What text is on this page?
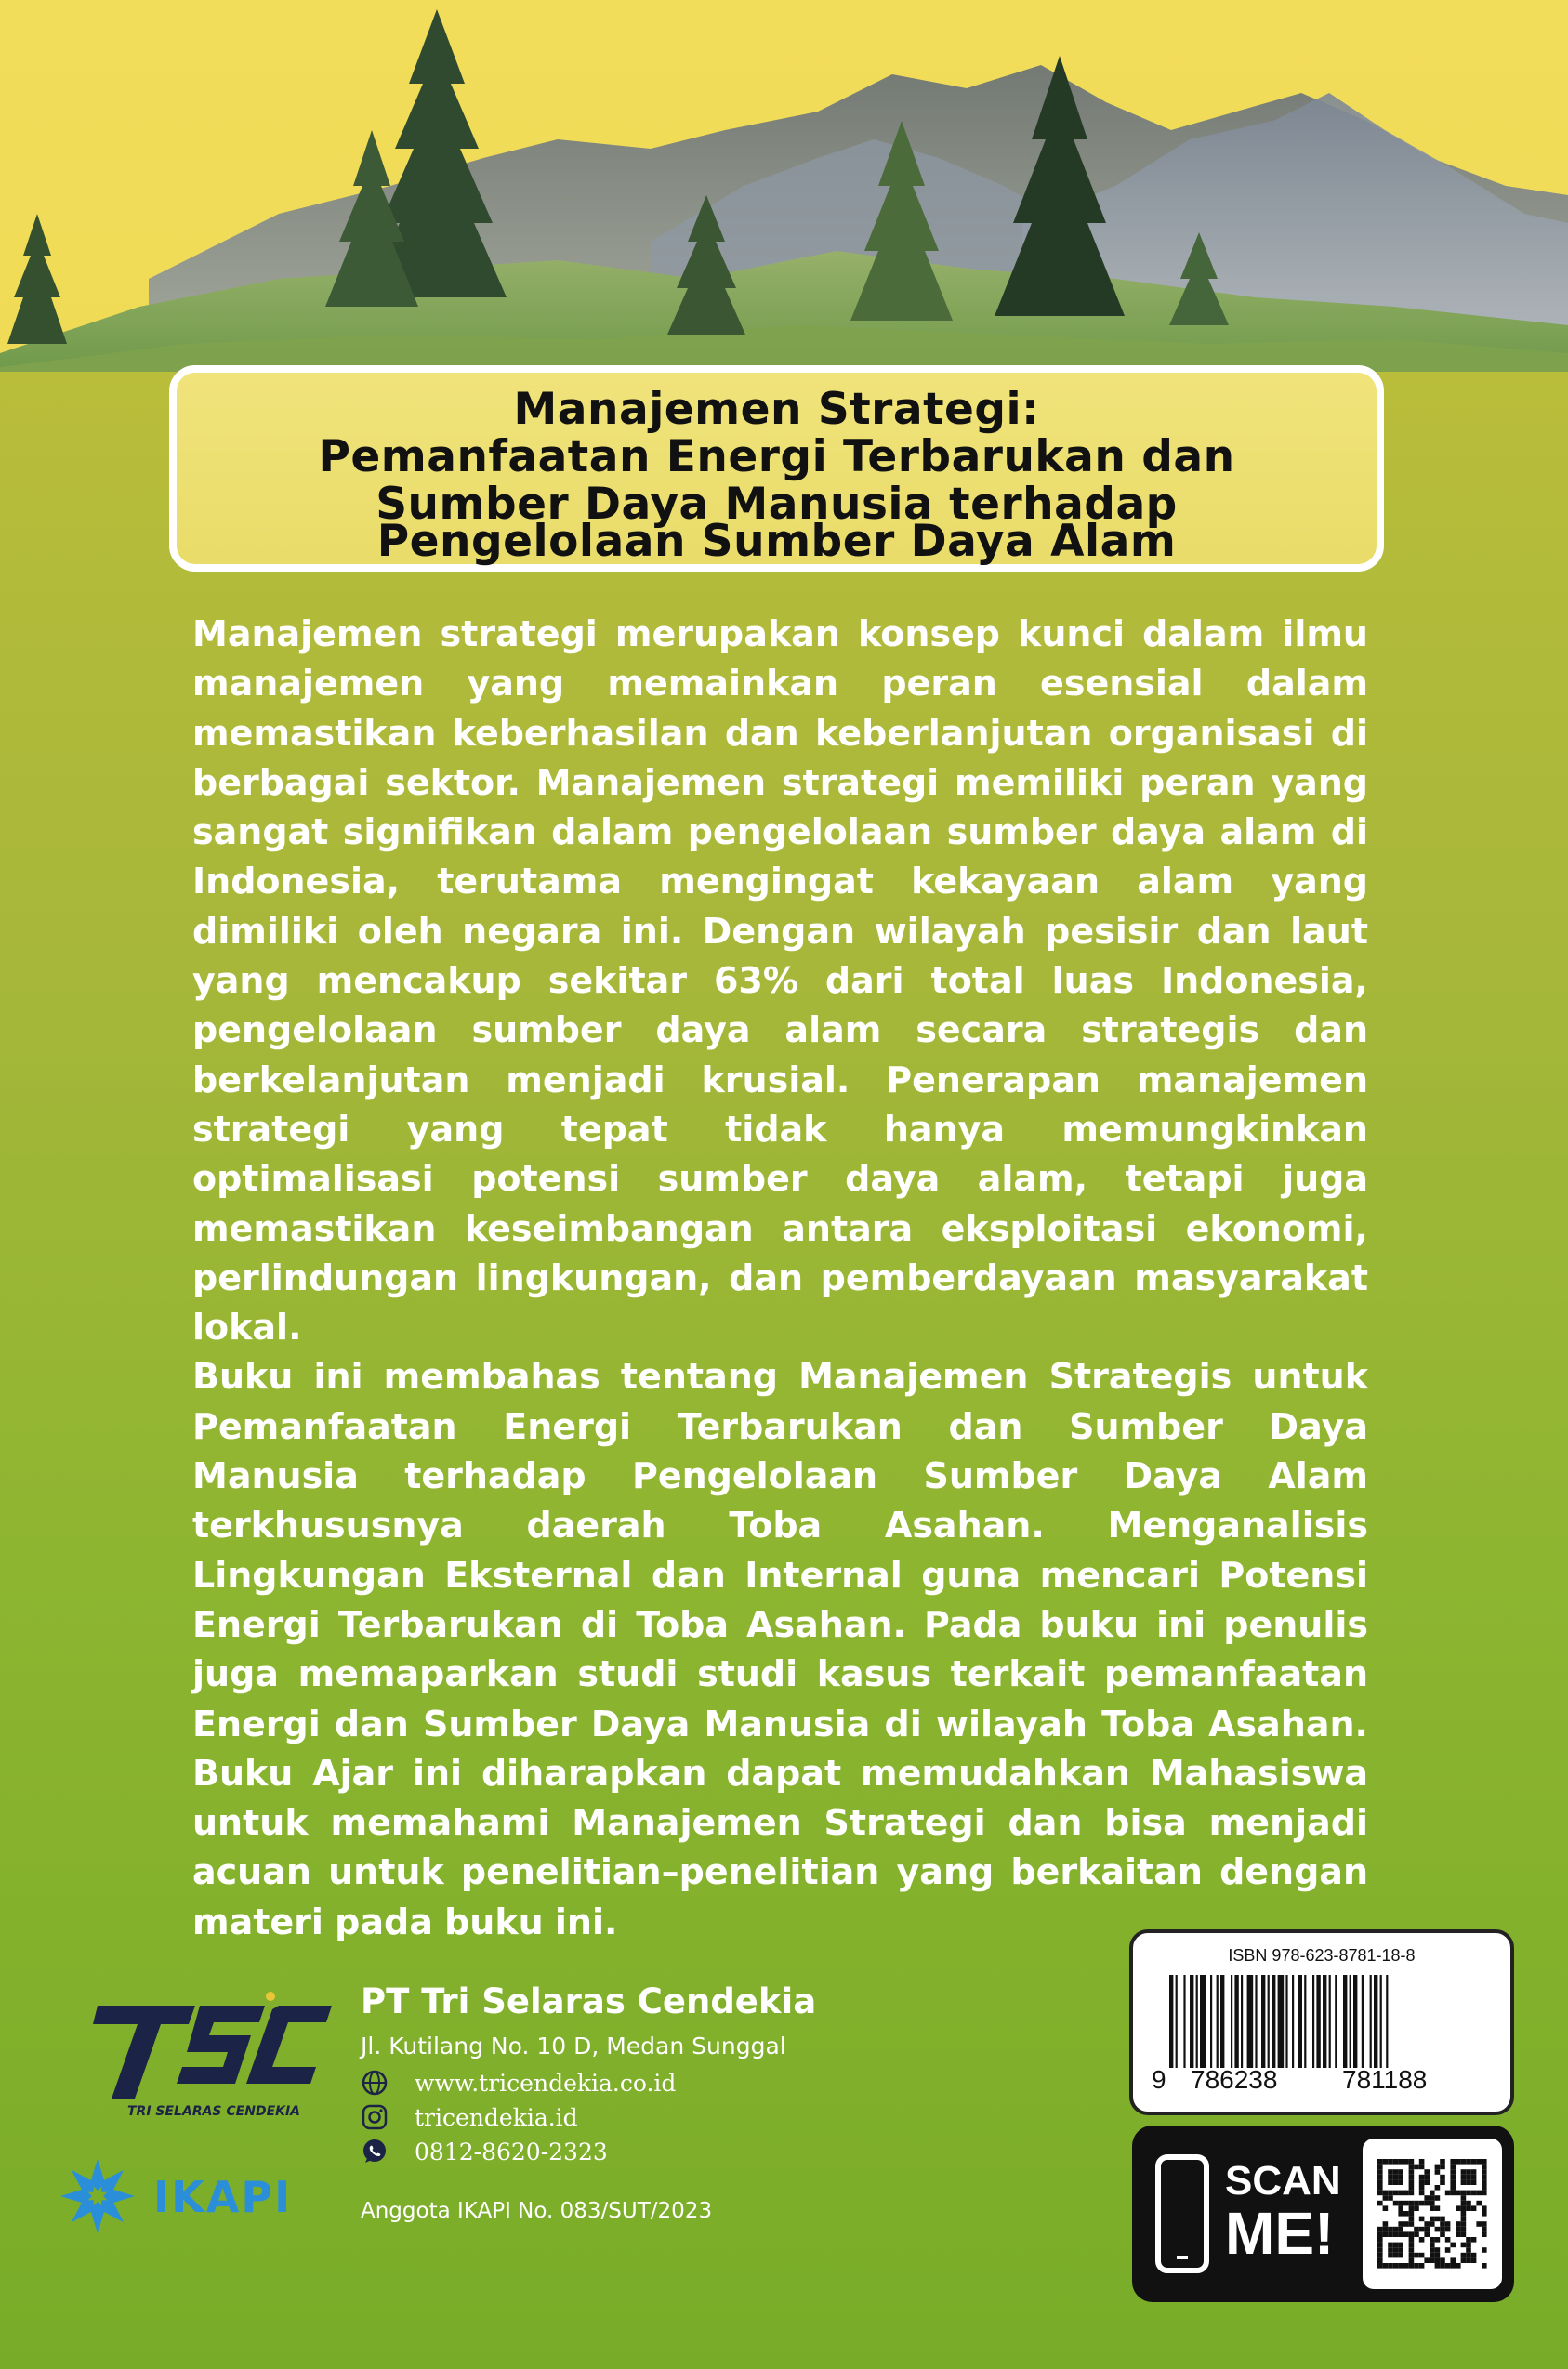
Manajemen Strategi:
Pemanfaatan Energi Terbarukan dan
Sumber Daya Manusia terhadap
Pengelolaan Sumber Daya Alam

Manajemen strategi merupakan konsep kunci dalam ilmu manajemen yang memainkan peran esensial dalam memastikan keberhasilan dan keberlanjutan organisasi di berbagai sektor. Manajemen strategi memiliki peran yang sangat signifikan dalam pengelolaan sumber daya alam di Indonesia, terutama mengingat kekayaan alam yang dimiliki oleh negara ini. Dengan wilayah pesisir dan laut yang mencakup sekitar 63% dari total luas Indonesia, pengelolaan sumber daya alam secara strategis dan berkelanjutan menjadi krusial. Penerapan manajemen strategi yang tepat tidak hanya memungkinkan optimalisasi potensi sumber daya alam, tetapi juga memastikan keseimbangan antara eksploitasi ekonomi, perlindungan lingkungan, dan pemberdayaan masyarakat lokal.

Buku ini membahas tentang Manajemen Strategis untuk Pemanfaatan Energi Terbarukan dan Sumber Daya Manusia terhadap Pengelolaan Sumber Daya Alam terkhususnya daerah Toba Asahan. Menganalisis Lingkungan Eksternal dan Internal guna mencari Potensi Energi Terbarukan di Toba Asahan. Pada buku ini penulis juga memaparkan studi studi kasus terkait pemanfaatan Energi dan Sumber Daya Manusia di wilayah Toba Asahan. Buku Ajar ini diharapkan dapat memudahkan Mahasiswa untuk memahami Manajemen Strategi dan bisa menjadi acuan untuk penelitian–penelitian yang berkaitan dengan materi pada buku ini.

TRI SELARAS CENDEKIA
IKAPI
PT Tri Selaras Cendekia
Jl. Kutilang No. 10 D, Medan Sunggal
www.tricendekia.co.id
tricendekia.id
0812-8620-2323
Anggota IKAPI No. 083/SUT/2023
ISBN 978-623-8781-18-8
9 786238 781188
SCAN
ME!
